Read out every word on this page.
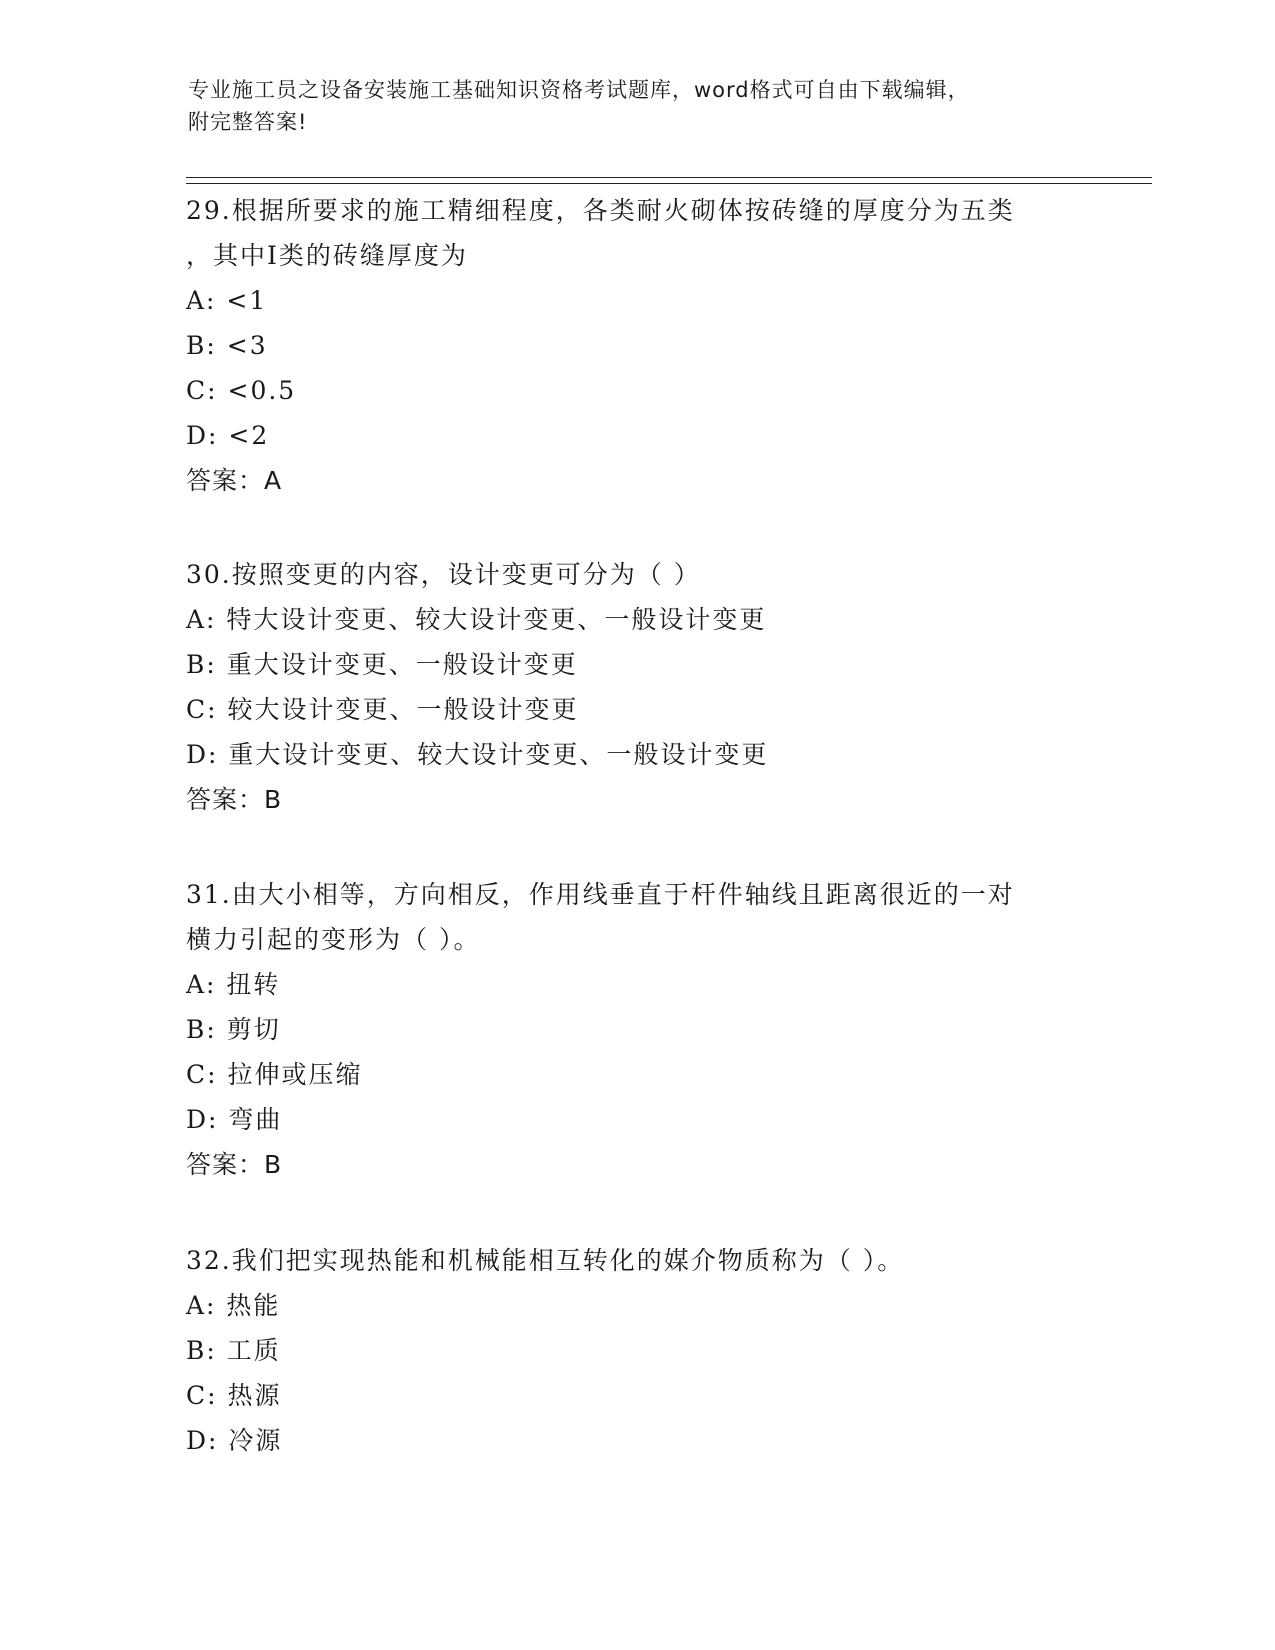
专业施工员之设备安装施工基础知识资格考试题库，word格式可自由下载编辑，
附完整答案!
29.根据所要求的施工精细程度，各类耐火砌体按砖缝的厚度分为五类
，其中I类的砖缝厚度为
A: <1
B: <3
C: <0.5
D: <2
答案：A
30.按照变更的内容，设计变更可分为（ ）
A: 特大设计变更、较大设计变更、一般设计变更
B: 重大设计变更、一般设计变更
C: 较大设计变更、一般设计变更
D: 重大设计变更、较大设计变更、一般设计变更
答案：B
31.由大小相等，方向相反，作用线垂直于杆件轴线且距离很近的一对
横力引起的变形为（ ）。
A: 扭转
B: 剪切
C: 拉伸或压缩
D: 弯曲
答案：B
32.我们把实现热能和机械能相互转化的媒介物质称为（ ）。
A: 热能
B: 工质
C: 热源
D: 冷源
